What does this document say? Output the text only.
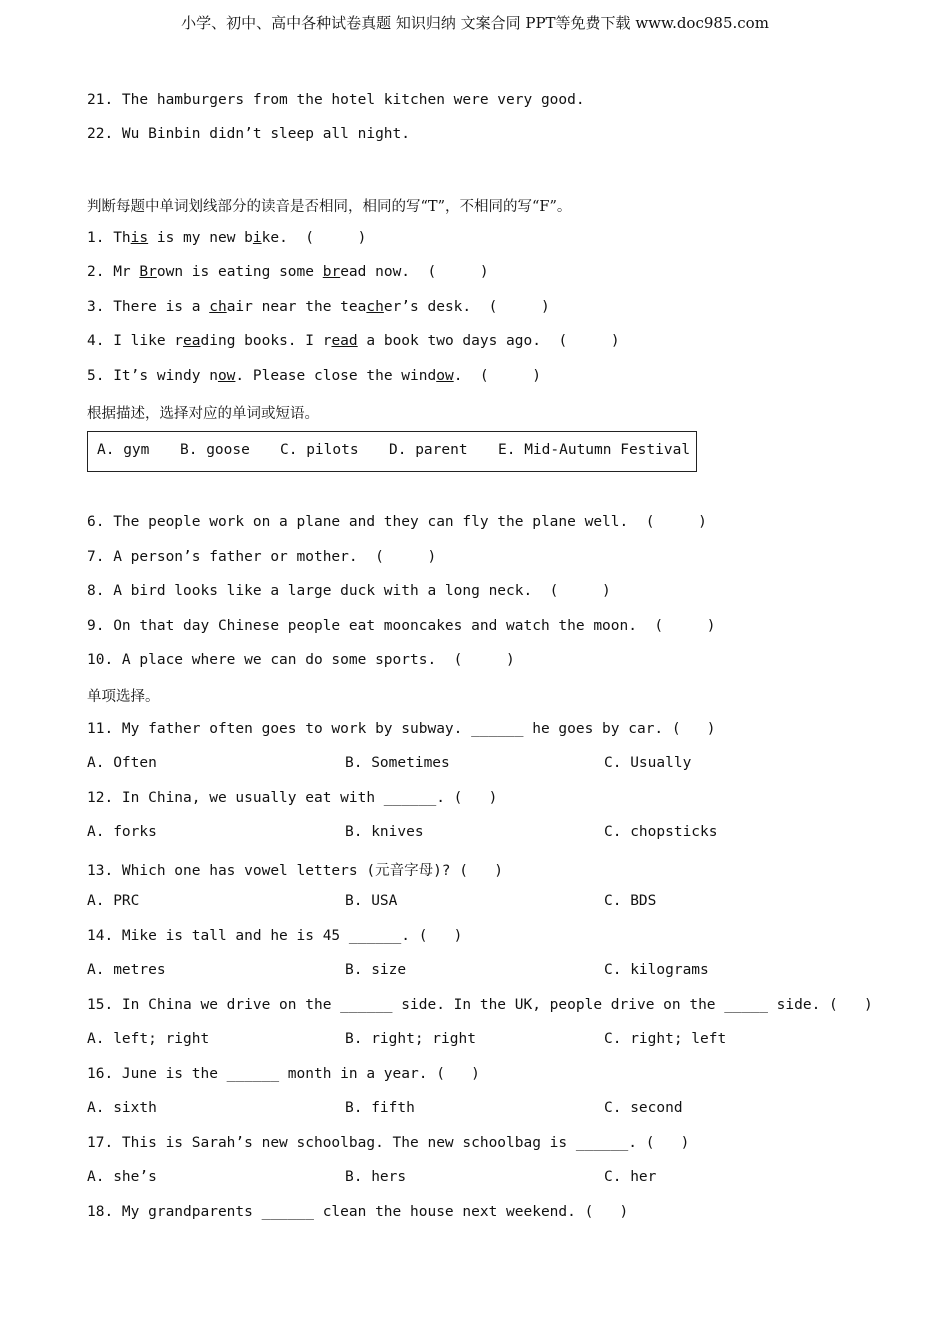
小学、初中、高中各种试卷真题 知识归纳 文案合同 PPT等免费下载 www.doc985.com
21. The hamburgers from the hotel kitchen were very good.
22. Wu Binbin didn’t sleep all night.
判断每题中单词划线部分的读音是否相同，相同的写“T”，不相同的写“F”。
1. This is my new bike.  (     )
2. Mr Brown is eating some bread now.  (     )
3. There is a chair near the teacher’s desk.  (     )
4. I like reading books. I read a book two days ago.  (     )
5. It’s windy now. Please close the window.  (     )
根据描述，选择对应的单词或短语。
A. gym B. goose C. pilots D. parent E. Mid-Autumn Festival
6. The people work on a plane and they can fly the plane well.  (     )
7. A person’s father or mother.  (     )
8. A bird looks like a large duck with a long neck.  (     )
9. On that day Chinese people eat mooncakes and watch the moon.  (     )
10. A place where we can do some sports.  (     )
单项选择。
11. My father often goes to work by subway. ______ he goes by car. (   )
A. Often	B. Sometimes	C. Usually
12. In China, we usually eat with ______. (   )
A. forks	B. knives	C. chopsticks
13. Which one has vowel letters (元音字母)? (   )
A. PRC	B. USA	C. BDS
14. Mike is tall and he is 45 ______. (   )
A. metres	B. size	C. kilograms
15. In China we drive on the ______ side. In the UK, people drive on the _____ side. (   )
A. left; right	B. right; right	C. right; left
16. June is the ______ month in a year. (   )
A. sixth	B. fifth	C. second
17. This is Sarah’s new schoolbag. The new schoolbag is ______. (   )
A. she’s	B. hers	C. her
18. My grandparents ______ clean the house next weekend. (   )
